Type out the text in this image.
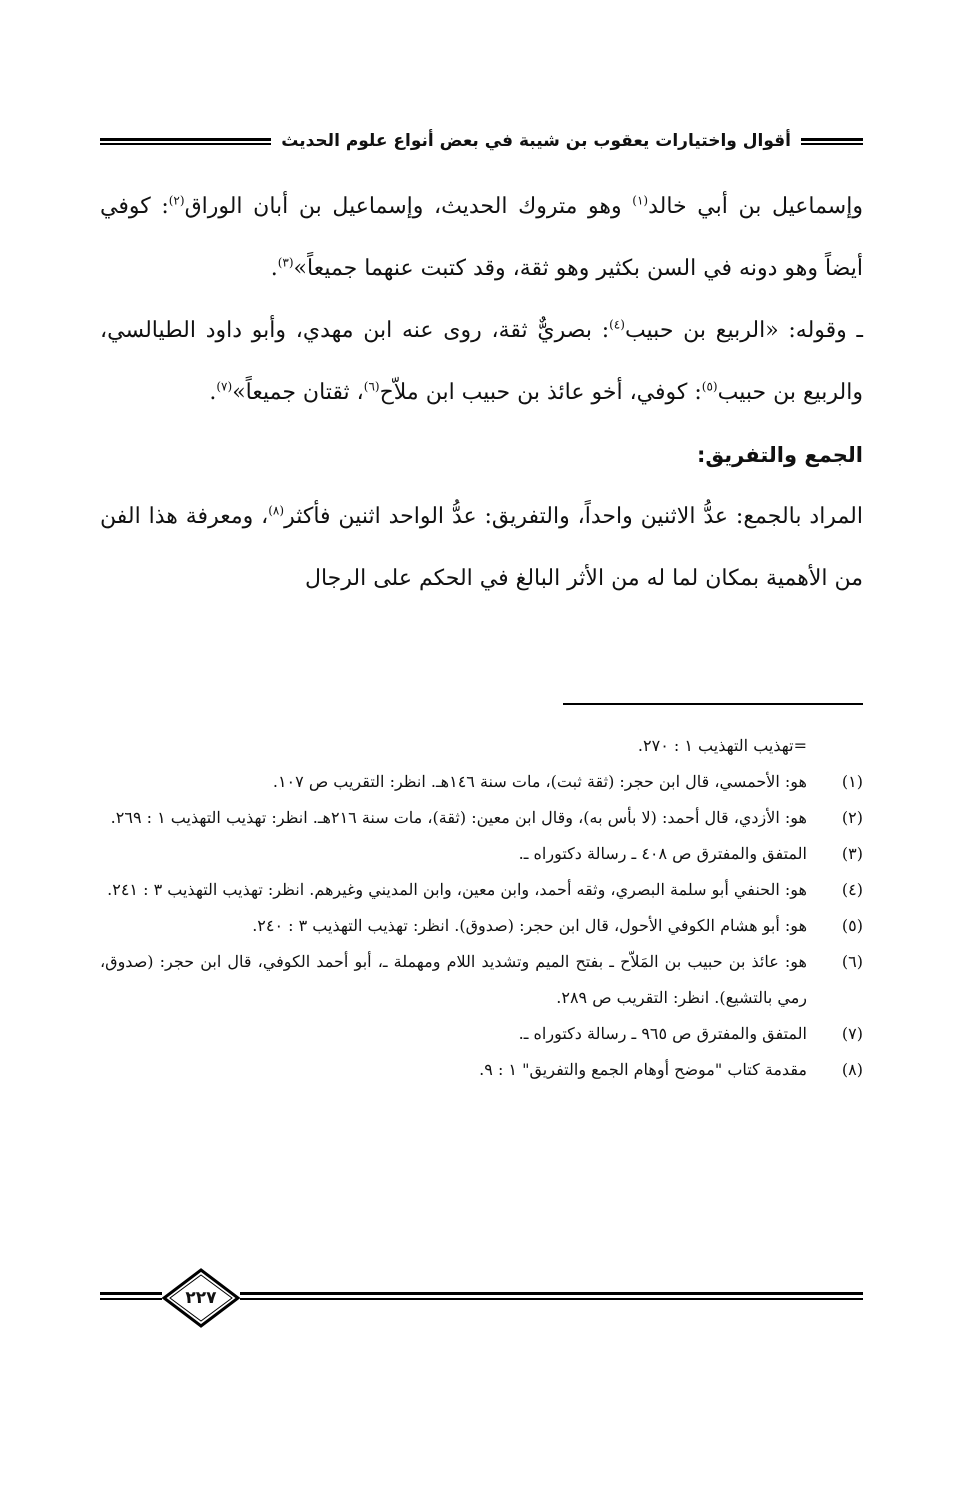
أقوال واختيارات يعقوب بن شيبة في بعض أنواع علوم الحديث

وإسماعيل بن أبي خالد$^{(١)}$ وهو متروك الحديث، وإسماعيل بن أبان الوراق$^{(٢)}$: كوفي أيضاً وهو دونه في السن بكثير وهو ثقة، وقد كتبت عنهما جميعاً»$^{(٣)}$.

ـ وقوله: «الربيع بن حبيب$^{(٤)}$: بصريٌّ ثقة، روى عنه ابن مهدي، وأبو داود الطيالسي، والربيع بن حبيب$^{(٥)}$: كوفي، أخو عائذ بن حبيب ابن ملاّح$^{(٦)}$، ثقتان جميعاً»$^{(٧)}$.

الجمع والتفريق:

المراد بالجمع: عدُّ الاثنين واحداً، والتفريق: عدُّ الواحد اثنين فأكثر$^{(٨)}$، ومعرفة هذا الفن من الأهمية بمكان لما له من الأثر البالغ في الحكم على الرجال

=تهذيب التهذيب ١ : ٢٧٠.
(١)
هو: الأحمسي، قال ابن حجر: (ثقة ثبت)، مات سنة ١٤٦هـ. انظر: التقريب ص ١٠٧.
(٢)
هو: الأزدي، قال أحمد: (لا بأس به)، وقال ابن معين: (ثقة)، مات سنة ٢١٦هـ. انظر: تهذيب التهذيب ١ : ٢٦٩.
(٣)
المتفق والمفترق ص ٤٠٨ ـ رسالة دكتوراه ـ.
(٤)
هو: الحنفي أبو سلمة البصري، وثقه أحمد، وابن معين، وابن المديني وغيرهم. انظر: تهذيب التهذيب ٣ : ٢٤١.
(٥)
هو: أبو هشام الكوفي الأحول، قال ابن حجر: (صدوق). انظر: تهذيب التهذيب ٣ : ٢٤٠.
(٦)
هو: عائذ بن حبيب بن المَلاّح ـ بفتح الميم وتشديد اللام ومهملة ـ، أبو أحمد الكوفي، قال ابن حجر: (صدوق، رمي بالتشيع). انظر: التقريب ص ٢٨٩.
(٧)
المتفق والمفترق ص ٩٦٥ ـ رسالة دكتوراه ـ.
(٨)
مقدمة كتاب "موضح أوهام الجمع والتفريق" ١ : ٩.
٢٢٧
